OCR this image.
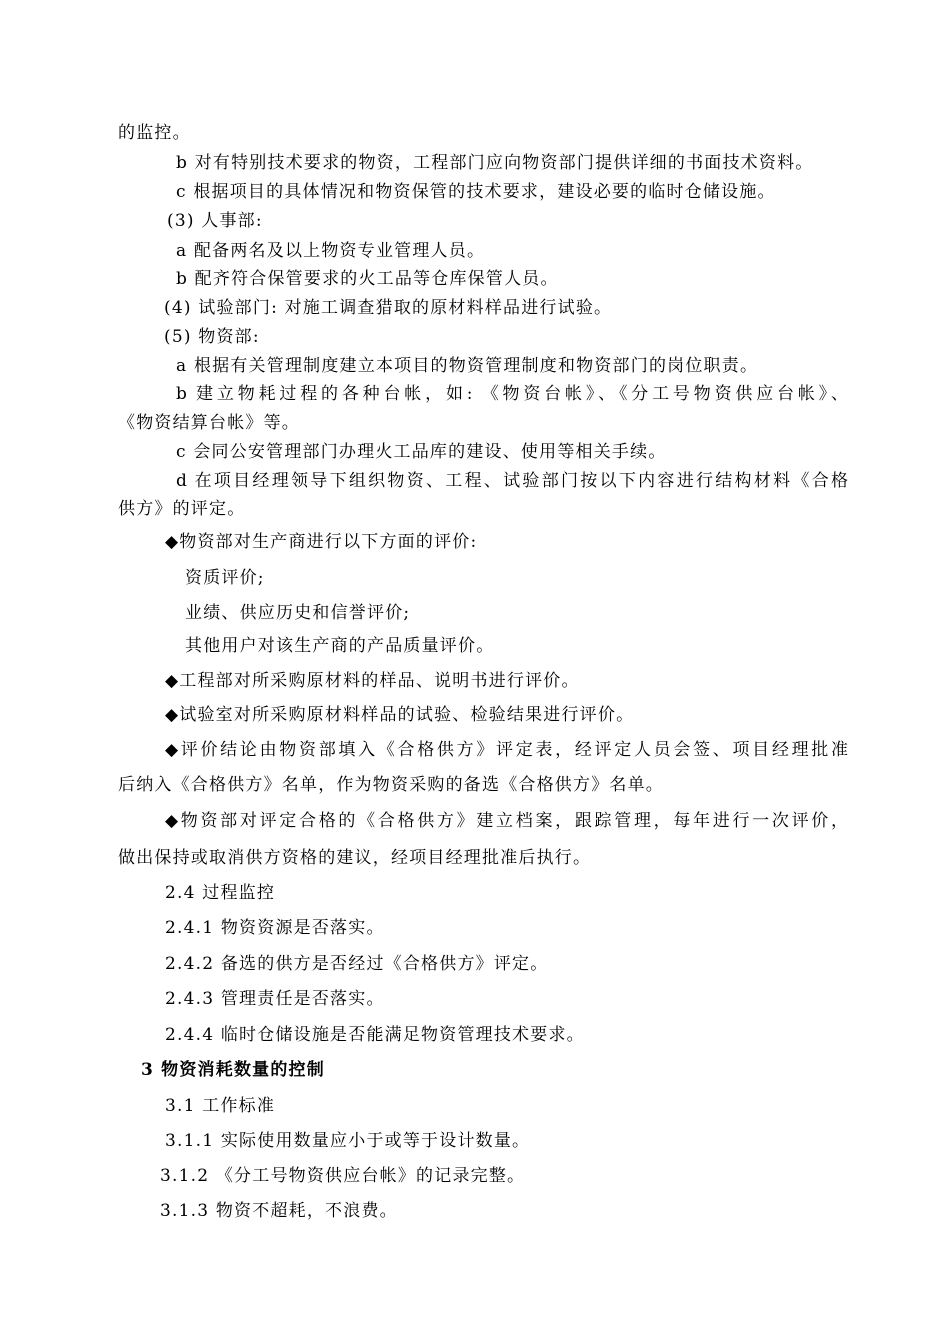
的监控。
b 对有特别技术要求的物资，工程部门应向物资部门提供详细的书面技术资料。
c 根据项目的具体情况和物资保管的技术要求，建设必要的临时仓储设施。
(3) 人事部:
a 配备两名及以上物资专业管理人员。
b 配齐符合保管要求的火工品等仓库保管人员。
(4) 试验部门: 对施工调查猎取的原材料样品进行试验。
(5) 物资部:
a 根据有关管理制度建立本项目的物资管理制度和物资部门的岗位职责。
b 建立物耗过程的各种台帐，如: 《物资台帐》、《分工号物资供应台帐》、
《物资结算台帐》等。
c 会同公安管理部门办理火工品库的建设、使用等相关手续。
d 在项目经理领导下组织物资、工程、试验部门按以下内容进行结构材料《合格
供方》的评定。
◆物资部对生产商进行以下方面的评价:
资质评价;
业绩、供应历史和信誉评价;
其他用户对该生产商的产品质量评价。
◆工程部对所采购原材料的样品、说明书进行评价。
◆试验室对所采购原材料样品的试验、检验结果进行评价。
◆评价结论由物资部填入《合格供方》评定表，经评定人员会签、项目经理批准
后纳入《合格供方》名单，作为物资采购的备选《合格供方》名单。
◆物资部对评定合格的《合格供方》建立档案，跟踪管理，每年进行一次评价，
做出保持或取消供方资格的建议，经项目经理批准后执行。
2.4 过程监控
2.4.1 物资资源是否落实。
2.4.2 备选的供方是否经过《合格供方》评定。
2.4.3 管理责任是否落实。
2.4.4 临时仓储设施是否能满足物资管理技术要求。
3 物资消耗数量的控制
3.1 工作标准
3.1.1 实际使用数量应小于或等于设计数量。
3.1.2 《分工号物资供应台帐》的记录完整。
3.1.3 物资不超耗，不浪费。
